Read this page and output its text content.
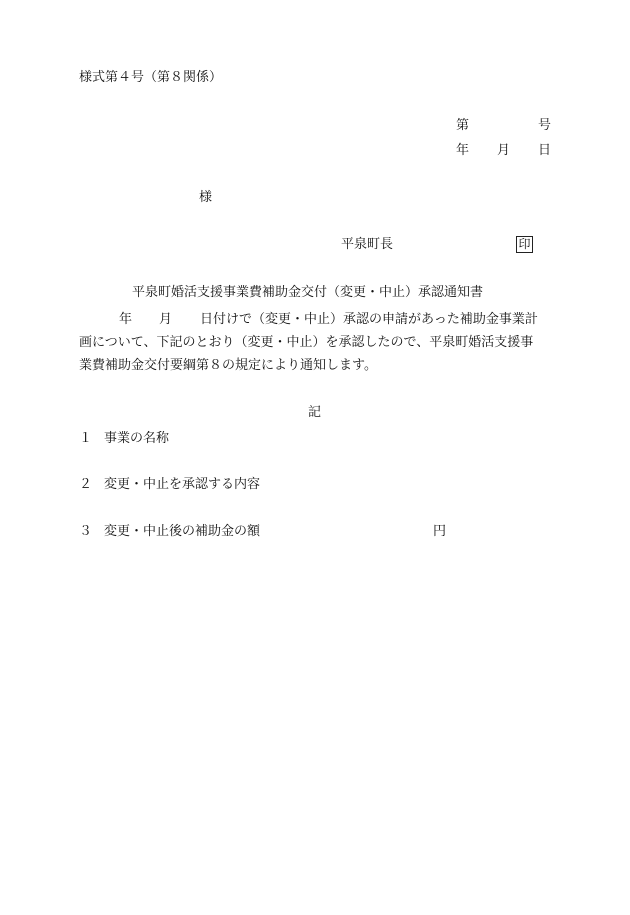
様式第４号（第８関係）
第	号
年 月 日
様
平泉町長	印
平泉町婚活支援事業費補助金交付（変更・中止）承認通知書
年 月 日付けで（変更・中止）承認の申請があった補助金事業計
画について、下記のとおり（変更・中止）を承認したので、平泉町婚活支援事
業費補助金交付要綱第８の規定により通知します。
記
１ 事業の名称
２ 変更・中止を承認する内容
３ 変更・中止後の補助金の額	円
